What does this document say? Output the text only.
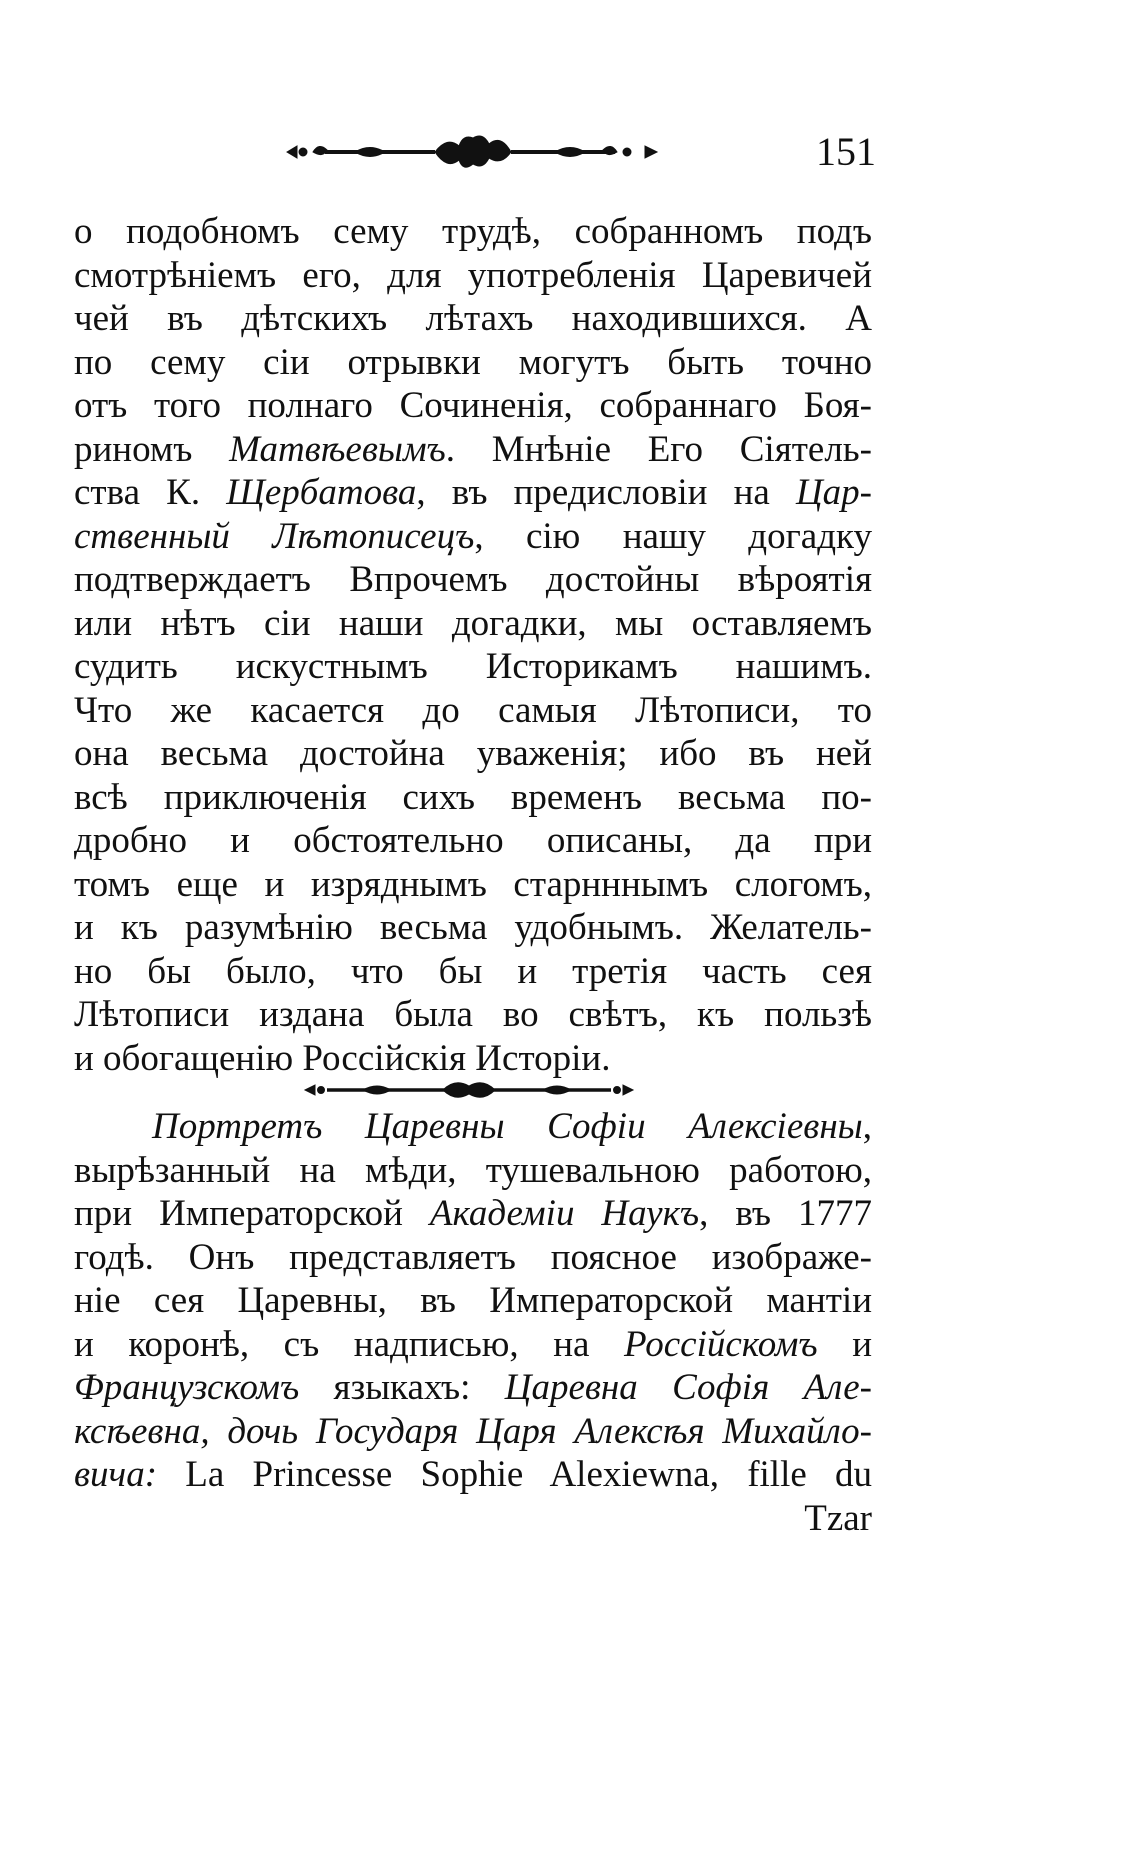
151
о подобномъ сему трудѣ, собранномъ подъ
смотрѣніемъ его, для употребленія Царевичей
чей въ дѣтскихъ лѣтахъ находившихся. А
по сему сіи отрывки могутъ быть точно
отъ того полнаго Сочиненія, собраннаго Боя-
риномъ Матвѣевымъ. Мнѣніе Его Сіятель-
ства К. Щербатова, въ предисловіи на Цар-
ственный Лѣтописецъ, сію нашу догадку
подтверждаетъ Впрочемъ достойны вѣроятія
или нѣтъ сіи наши догадки, мы оставляемъ
судить искустнымъ Историкамъ нашимъ.
Что же касается до самыя Лѣтописи, то
она весьма достойна уваженія; ибо въ ней
всѣ приключенія сихъ временъ весьма по-
дробно и обстоятельно описаны, да при
томъ еще и изряднымъ старнннымъ слогомъ,
и къ разумѣнію весьма удобнымъ. Желатель-
но бы было, что бы и третія часть сея
Лѣтописи издана была во свѣтъ, къ пользѣ
и обогащенію Россійскія Исторіи.
Портретъ Царевны Софіи Алексіевны,
вырѣзанный на мѣди, тушевальною работою,
при Императорской Академіи Наукъ, въ 1777
годѣ. Онъ представляетъ поясное изображе-
ніе сея Царевны, въ Императорской мантіи
и коронѣ, съ надписью, на Россійскомъ и
Французскомъ языкахъ: Царевна Софія Але-
ксѣевна, дочь Государя Царя Алексѣя Михайло-
вича: La Princesse Sophie Alexiewna, fille du
Tzar
